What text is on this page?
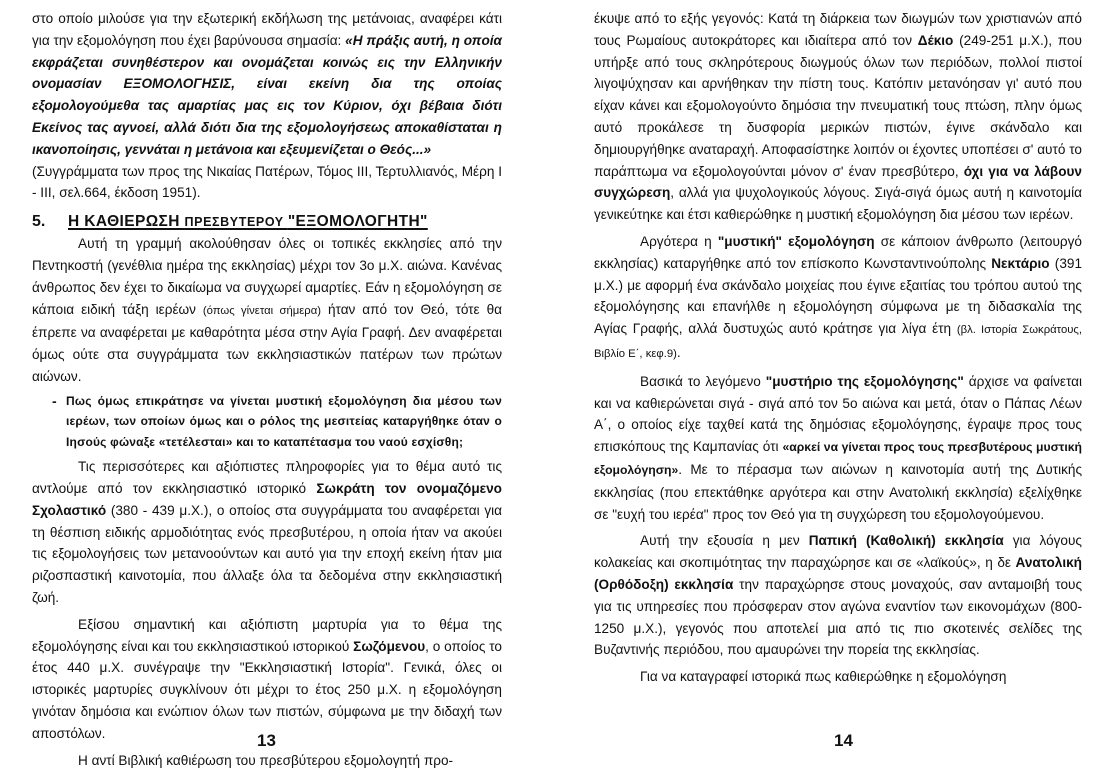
στο οποίο μιλούσε για την εξωτερική εκδήλωση της μετάνοιας, αναφέρει κάτι για την εξομολόγηση που έχει βαρύνουσα σημασία: «Η πράξις αυτή, η οποία εκφράζεται συνηθέστερον και ονομάζεται κοινώς εις την Ελληνικήν ονομασίαν ΕΞΟΜΟΛΟΓΗΣΙΣ, είναι εκείνη δια της οποίας εξομολογούμεθα τας αμαρτίας μας εις τον Κύριον, όχι βέβαια διότι Εκείνος τας αγνοεί, αλλά διότι δια της εξομολογήσεως αποκαθίσταται η ικανοποίησις, γεννάται η μετάνοια και εξευμενίζεται ο Θεός...»
(Συγγράμματα των προς της Νικαίας Πατέρων, Τόμος ΙΙΙ, Τερτυλλιανός, Μέρη Ι - ΙΙΙ, σελ.664, έκδοση 1951).

5.	Η ΚΑΘΙΕΡΩΣΗ ΠΡΕΣΒΥΤΕΡΟΥ "ΕΞΟΜΟΛΟΓΗΤΗ"

Αυτή τη γραμμή ακολούθησαν όλες οι τοπικές εκκλησίες από την Πεντηκοστή (γενέθλια ημέρα της εκκλησίας) μέχρι τον 3ο μ.Χ. αιώνα. Κανένας άνθρωπος δεν έχει το δικαίωμα να συγχωρεί αμαρτίες. Εάν η εξομολόγηση σε κάποια ειδική τάξη ιερέων (όπως γίνεται σήμερα) ήταν από τον Θεό, τότε θα έπρεπε να αναφέρεται με καθαρότητα μέσα στην Αγία Γραφή. Δεν αναφέρεται όμως ούτε στα συγγράμματα των εκκλησιαστικών πατέρων των πρώτων αιώνων.

- Πως όμως επικράτησε να γίνεται μυστική εξομολόγηση δια μέσου των ιερέων, των οποίων όμως και ο ρόλος της μεσιτείας καταργήθηκε όταν ο Ιησούς φώναξε «τετέλεσται» και το καταπέτασμα του ναού εσχίσθη;

Τις περισσότερες και αξιόπιστες πληροφορίες για το θέμα αυτό τις αντλούμε από τον εκκλησιαστικό ιστορικό Σωκράτη τον ονομαζόμενο Σχολαστικό (380 - 439 μ.Χ.), ο οποίος στα συγγράμματα του αναφέρεται για τη θέσπιση ειδικής αρμοδιότητας ενός πρεσβυτέρου, η οποία ήταν να ακούει τις εξομολογήσεις των μετανοούντων και αυτό για την εποχή εκείνη ήταν μια ριζοσπαστική καινοτομία, που άλλαξε όλα τα δεδομένα στην εκκλησιαστική ζωή.

Εξίσου σημαντική και αξιόπιστη μαρτυρία για το θέμα της εξομολόγησης είναι και του εκκλησιαστικού ιστορικού Σωζόμενου, ο οποίος το έτος 440 μ.Χ. συνέγραψε την "Εκκλησιαστική Ιστορία". Γενικά, όλες οι ιστορικές μαρτυρίες συγκλίνουν ότι μέχρι το έτος 250 μ.Χ. η εξομολόγηση γινόταν δημόσια και ενώπιον όλων των πιστών, σύμφωνα με την διδαχή των αποστόλων.

Η αντί Βιβλική καθιέρωση του πρεσβύτερου εξομολογητή προ-

13

έκυψε από το εξής γεγονός: Κατά τη διάρκεια των διωγμών των χριστιανών από τους Ρωμαίους αυτοκράτορες και ιδιαίτερα από τον Δέκιο (249-251 μ.Χ.), που υπήρξε από τους σκληρότερους διωγμούς όλων των περιόδων, πολλοί πιστοί λιγοψύχησαν και αρνήθηκαν την πίστη τους. Κατόπιν μετανόησαν γι' αυτό που είχαν κάνει και εξομολογούντο δημόσια την πνευματική τους πτώση, πλην όμως αυτό προκάλεσε τη δυσφορία μερικών πιστών, έγινε σκάνδαλο και δημιουργήθηκε αναταραχή. Αποφασίστηκε λοιπόν οι έχοντες υποπέσει σ' αυτό το παράπτωμα να εξομολογούνται μόνον σ' έναν πρεσβύτερο, όχι για να λάβουν συγχώρεση, αλλά για ψυχολογικούς λόγους. Σιγά-σιγά όμως αυτή η καινοτομία γενικεύτηκε και έτσι καθιερώθηκε η μυστική εξομολόγηση δια μέσου των ιερέων.

Αργότερα η "μυστική" εξομολόγηση σε κάποιον άνθρωπο (λειτουργό εκκλησίας) καταργήθηκε από τον επίσκοπο Κωνσταντινούπολης Νεκτάριο (391 μ.Χ.) με αφορμή ένα σκάνδαλο μοιχείας που έγινε εξαιτίας του τρόπου αυτού της εξομολόγησης και επανήλθε η εξομολόγηση σύμφωνα με τη διδασκαλία της Αγίας Γραφής, αλλά δυστυχώς αυτό κράτησε για λίγα έτη (βλ. Ιστορία Σωκράτους, Βιβλίο Ε΄, κεφ.9).

Βασικά το λεγόμενο "μυστήριο της εξομολόγησης" άρχισε να φαίνεται και να καθιερώνεται σιγά - σιγά από τον 5ο αιώνα και μετά, όταν ο Πάπας Λέων Α΄, ο οποίος είχε ταχθεί κατά της δημόσιας εξομολόγησης, έγραψε προς τους επισκόπους της Καμπανίας ότι «αρκεί να γίνεται προς τους πρεσβυτέρους μυστική εξομολόγηση». Με το πέρασμα των αιώνων η καινοτομία αυτή της Δυτικής εκκλησίας (που επεκτάθηκε αργότερα και στην Ανατολική εκκλησία) εξελίχθηκε σε "ευχή του ιερέα" προς τον Θεό για τη συγχώρεση του εξομολογούμενου.

Αυτή την εξουσία η μεν Παπική (Καθολική) εκκλησία για λόγους κολακείας και σκοπιμότητας την παραχώρησε και σε «λαϊκούς», η δε Ανατολική (Ορθόδοξη) εκκλησία την παραχώρησε στους μοναχούς, σαν ανταμοιβή τους για τις υπηρεσίες που πρόσφεραν στον αγώνα εναντίον των εικονομάχων (800-1250 μ.Χ.), γεγονός που αποτελεί μια από τις πιο σκοτεινές σελίδες της Βυζαντινής περιόδου, που αμαυρώνει την πορεία της εκκλησίας.

Για να καταγραφεί ιστορικά πως καθιερώθηκε η εξομολόγηση

14
